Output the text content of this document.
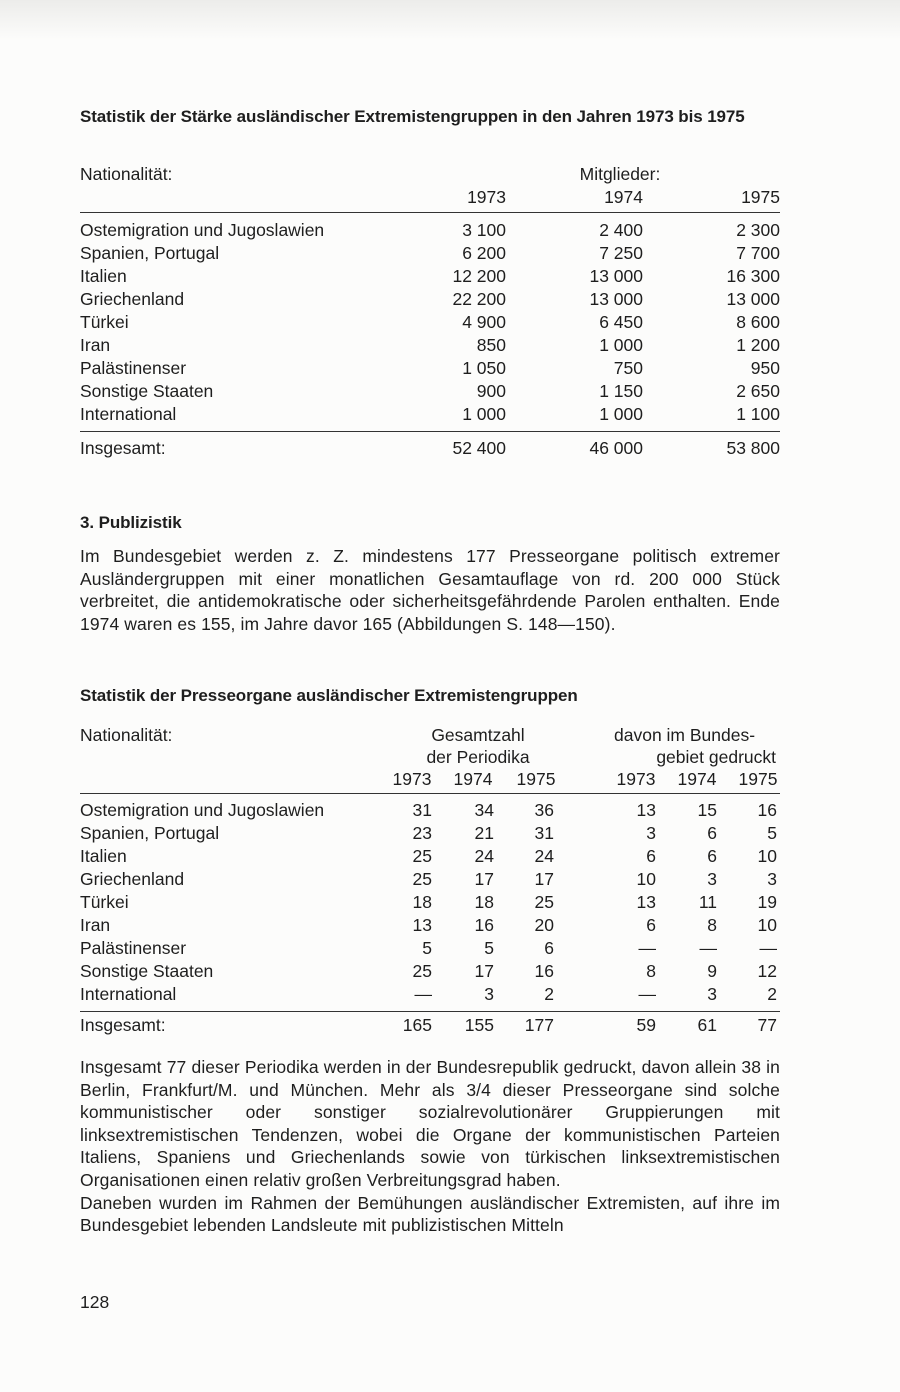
Statistik der Stärke ausländischer Extremistengruppen in den Jahren 1973 bis 1975
Nationalität:	Mitglieder:
1973	1974	1975
Ostemigration und Jugoslawien	3 100	2 400	2 300
Spanien, Portugal	6 200	7 250	7 700
Italien	12 200	13 000	16 300
Griechenland	22 200	13 000	13 000
Türkei	4 900	6 450	8 600
Iran	850	1 000	1 200
Palästinenser	1 050	750	950
Sonstige Staaten	900	1 150	2 650
International	1 000	1 000	1 100
Insgesamt:	52 400	46 000	53 800
3. Publizistik
Im Bundesgebiet werden z. Z. mindestens 177 Presseorgane politisch extremer Ausländergruppen mit einer monatlichen Gesamtauflage von rd. 200 000 Stück verbreitet, die antidemokratische oder sicherheitsgefährdende Parolen enthalten. Ende 1974 waren es 155, im Jahre davor 165 (Abbildungen S. 148—150).
Statistik der Presseorgane ausländischer Extremistengruppen
Nationalität:	Gesamtzahl
der Periodika
davon im Bundes-
gebiet gedruckt
1973	1974	1975	1973	1974	1975
Ostemigration und Jugoslawien	31	34	36	13	15	16
Spanien, Portugal	23	21	31	3	6	5
Italien	25	24	24	6	6	10
Griechenland	25	17	17	10	3	3
Türkei	18	18	25	13	11	19
Iran	13	16	20	6	8	10
Palästinenser	5	5	6	—	—	—
Sonstige Staaten	25	17	16	8	9	12
International	—	3	2	—	3	2
Insgesamt:	165	155	177	59	61	77

Insgesamt 77 dieser Periodika werden in der Bundesrepublik gedruckt, davon allein 38 in Berlin, Frankfurt/M. und München. Mehr als 3/4 dieser Presseorgane sind solche kommunistischer oder sonstiger sozialrevolutionärer Gruppierungen mit linksextremistischen Tendenzen, wobei die Organe der kommunistischen Parteien Italiens, Spaniens und Griechenlands sowie von türkischen linksextremistischen Organisationen einen relativ großen Verbreitungsgrad haben.

Daneben wurden im Rahmen der Bemühungen ausländischer Extremisten, auf ihre im Bundesgebiet lebenden Landsleute mit publizistischen Mitteln

128
